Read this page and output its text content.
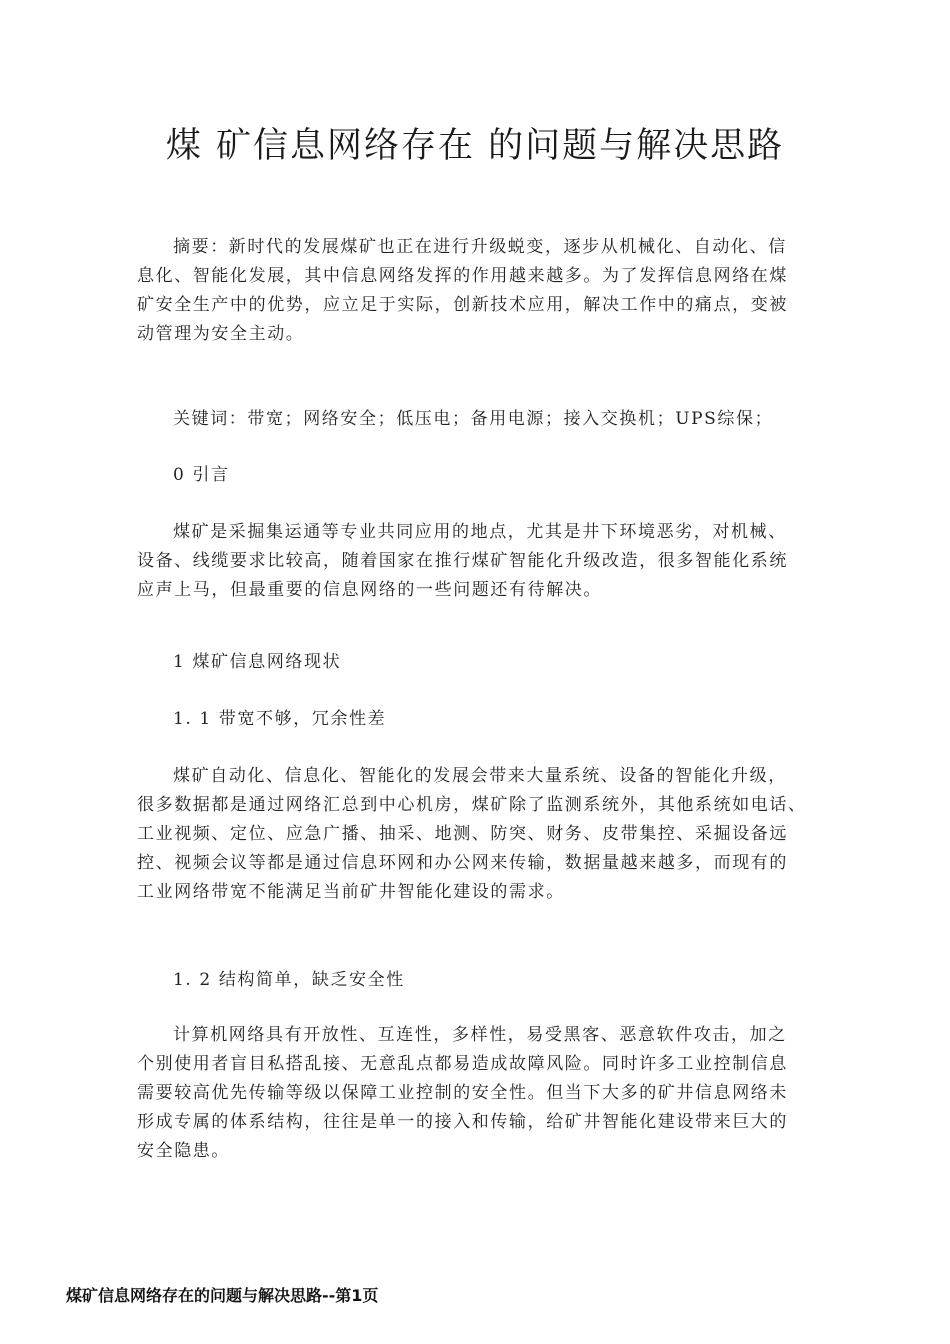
煤 矿信息网络存在 的问题与解决思路
摘要：新时代的发展煤矿也正在进行升级蜕变，逐步从机械化、自动化、信
息化、智能化发展，其中信息网络发挥的作用越来越多。为了发挥信息网络在煤
矿安全生产中的优势，应立足于实际，创新技术应用，解决工作中的痛点，变被
动管理为安全主动。
关键词：带宽；网络安全；低压电；备用电源；接入交换机；UPS综保；
0 引言
煤矿是采掘集运通等专业共同应用的地点，尤其是井下环境恶劣，对机械、
设备、线缆要求比较高，随着国家在推行煤矿智能化升级改造，很多智能化系统
应声上马，但最重要的信息网络的一些问题还有待解决。
1 煤矿信息网络现状
1. 1 带宽不够，冗余性差
煤矿自动化、信息化、智能化的发展会带来大量系统、设备的智能化升级，
很多数据都是通过网络汇总到中心机房，煤矿除了监测系统外，其他系统如电话、
工业视频、定位、应急广播、抽采、地测、防突、财务、皮带集控、采掘设备远
控、视频会议等都是通过信息环网和办公网来传输，数据量越来越多，而现有的
工业网络带宽不能满足当前矿井智能化建设的需求。
1. 2 结构简单，缺乏安全性
计算机网络具有开放性、互连性，多样性，易受黑客、恶意软件攻击，加之
个别使用者盲目私搭乱接、无意乱点都易造成故障风险。同时许多工业控制信息
需要较高优先传输等级以保障工业控制的安全性。但当下大多的矿井信息网络未
形成专属的体系结构，往往是单一的接入和传输，给矿井智能化建设带来巨大的
安全隐患。
煤矿信息网络存在的问题与解决思路--第1页
